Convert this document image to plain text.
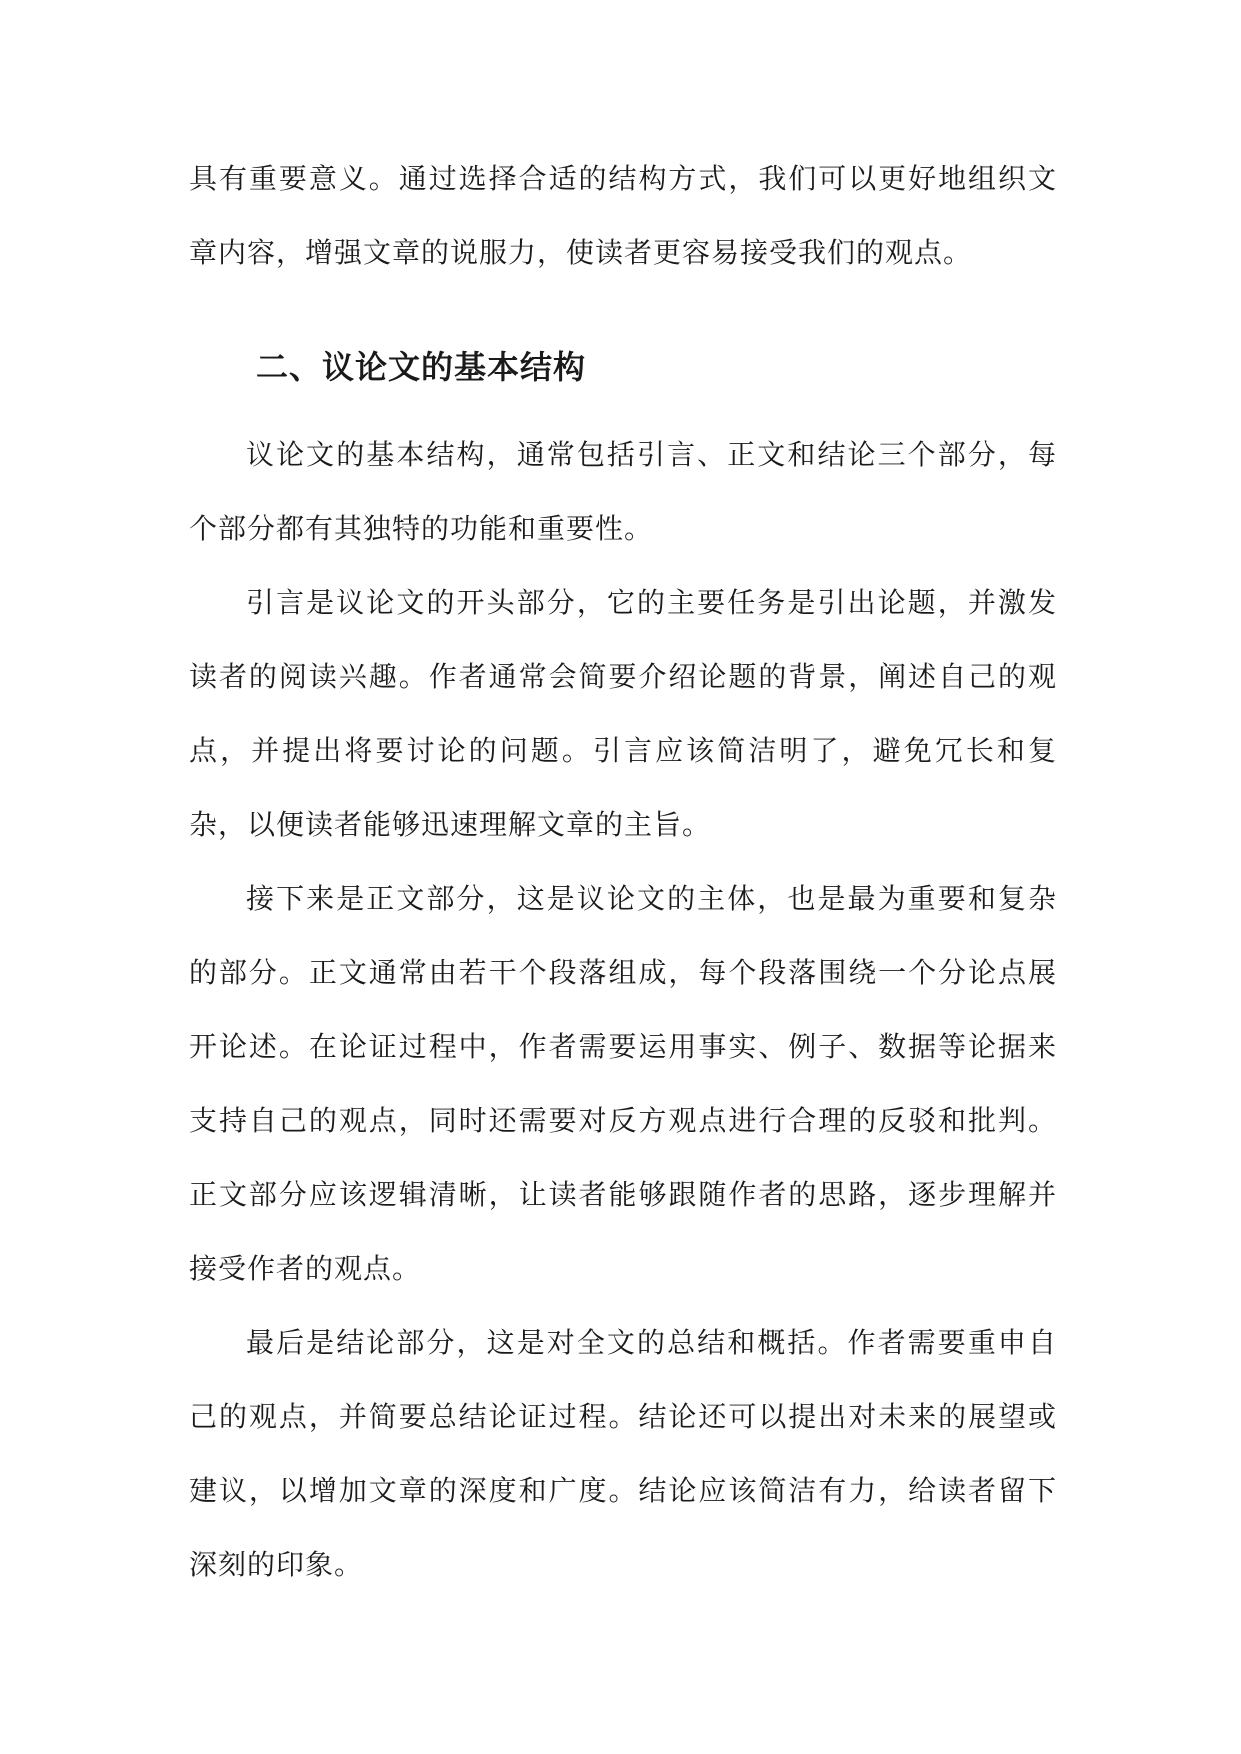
具有重要意义。通过选择合适的结构方式，我们可以更好地组织文章内容，增强文章的说服力，使读者更容易接受我们的观点。

二、议论文的基本结构

议论文的基本结构，通常包括引言、正文和结论三个部分，每个部分都有其独特的功能和重要性。

引言是议论文的开头部分，它的主要任务是引出论题，并激发读者的阅读兴趣。作者通常会简要介绍论题的背景，阐述自己的观点，并提出将要讨论的问题。引言应该简洁明了，避免冗长和复杂，以便读者能够迅速理解文章的主旨。

接下来是正文部分，这是议论文的主体，也是最为重要和复杂的部分。正文通常由若干个段落组成，每个段落围绕一个分论点展开论述。在论证过程中，作者需要运用事实、例子、数据等论据来支持自己的观点，同时还需要对反方观点进行合理的反驳和批判。正文部分应该逻辑清晰，让读者能够跟随作者的思路，逐步理解并接受作者的观点。

最后是结论部分，这是对全文的总结和概括。作者需要重申自己的观点，并简要总结论证过程。结论还可以提出对未来的展望或建议，以增加文章的深度和广度。结论应该简洁有力，给读者留下深刻的印象。
